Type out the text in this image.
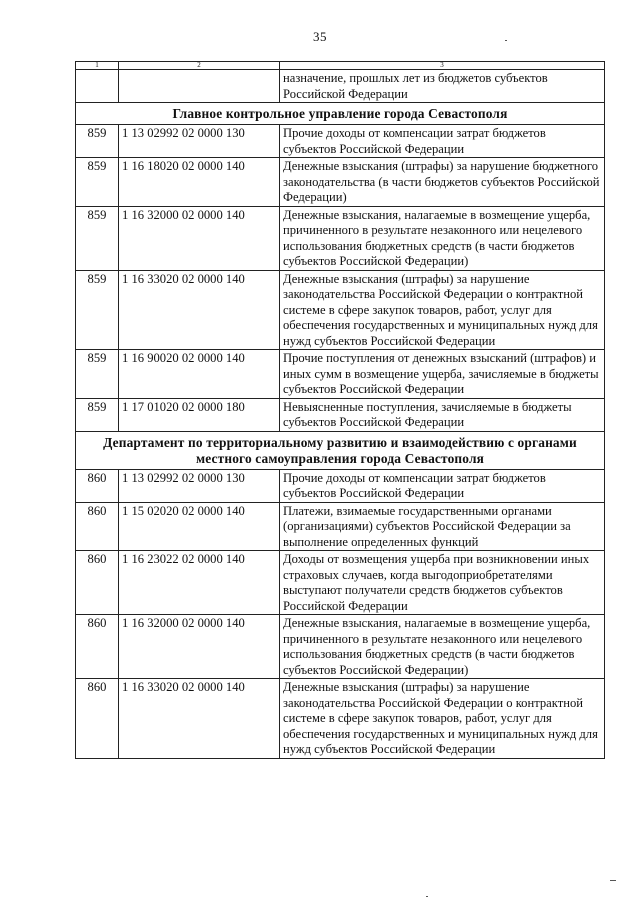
35
1	2	3
		назначение, прошлых лет из бюджетов субъектов Российской Федерации
Главное контрольное управление города Севастополя		
859	1 13 02992 02 0000 130	Прочие доходы от компенсации затрат бюджетов субъектов Российской Федерации
859	1 16 18020 02 0000 140	Денежные взыскания (штрафы) за нарушение бюджетного законодательства (в части бюджетов субъектов Российской Федерации)
859	1 16 32000 02 0000 140	Денежные взыскания, налагаемые в возмещение ущерба, причиненного в результате незаконного или нецелевого использования бюджетных средств (в части бюджетов субъектов Российской Федерации)
859	1 16 33020 02 0000 140	Денежные взыскания (штрафы) за нарушение законодательства Российской Федерации о контрактной системе в сфере закупок товаров, работ, услуг для обеспечения государственных и муниципальных нужд для нужд субъектов Российской Федерации
859	1 16 90020 02 0000 140	Прочие поступления от денежных взысканий (штрафов) и иных сумм в возмещение ущерба, зачисляемые в бюджеты субъектов Российской Федерации
859	1 17 01020 02 0000 180	Невыясненные поступления, зачисляемые в бюджеты субъектов Российской Федерации
Департамент по территориальному развитию и взаимодействию с органами местного самоуправления города Севастополя		
860	1 13 02992 02 0000 130	Прочие доходы от компенсации затрат бюджетов субъектов Российской Федерации
860	1 15 02020 02 0000 140	Платежи, взимаемые государственными органами (организациями) субъектов Российской Федерации за выполнение определенных функций
860	1 16 23022 02 0000 140	Доходы от возмещения ущерба при возникновении иных страховых случаев, когда выгодоприобретателями выступают получатели средств бюджетов субъектов Российской Федерации
860	1 16 32000 02 0000 140	Денежные взыскания, налагаемые в возмещение ущерба, причиненного в результате незаконного или нецелевого использования бюджетных средств (в части бюджетов субъектов Российской Федерации)
860	1 16 33020 02 0000 140	Денежные взыскания (штрафы) за нарушение законодательства Российской Федерации о контрактной системе в сфере закупок товаров, работ, услуг для обеспечения государственных и муниципальных нужд для нужд субъектов Российской Федерации
